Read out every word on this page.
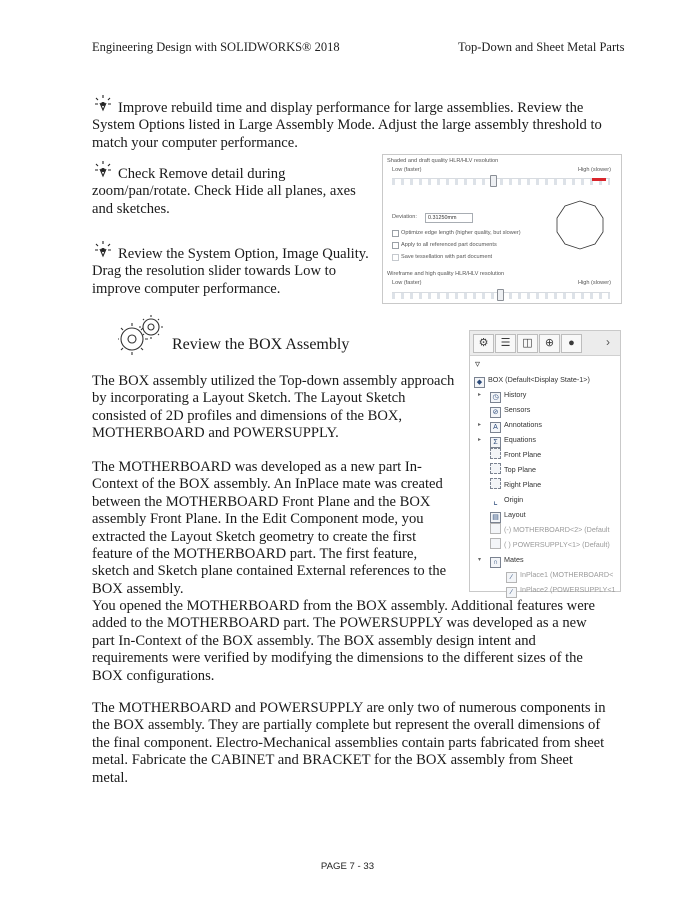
Engineering Design with SOLIDWORKS® 2018	Top-Down and Sheet Metal Parts
Improve rebuild time and display performance for large assemblies. Review the System Options listed in Large Assembly Mode. Adjust the large assembly threshold to match your computer performance.
Check Remove detail during zoom/pan/rotate. Check Hide all planes, axes and sketches.
Review the System Option, Image Quality. Drag the resolution slider towards Low to improve computer performance.
Shaded and draft quality HLR/HLV resolution
Low (faster)	High (slower)
Deviation:	0.31250mm
Optimize edge length (higher quality, but slower)
Apply to all referenced part documents
Save tessellation with part document
Wireframe and high quality HLR/HLV resolution
Low (faster)	High (slower)
Review the BOX Assembly	⚙	☰	◫	⊕	●	›
▿
◆ BOX (Default<Display State-1>)
▸ ◷ History
⊘ Sensors
▸ A Annotations
▸ Σ Equations
Front Plane
Top Plane
Right Plane
⌞ Origin
▤ Layout
(-) MOTHERBOARD<2> (Default
( ) POWERSUPPLY<1> (Default)
▾ ∩ Mates
∕ InPlace1 (MOTHERBOARD<
∕ InPlace2 (POWERSUPPLY<1
The BOX assembly utilized the Top-down assembly approach by incorporating a Layout Sketch. The Layout Sketch consisted of 2D profiles and dimensions of the BOX, MOTHERBOARD and POWERSUPPLY.
The MOTHERBOARD was developed as a new part In-Context of the BOX assembly. An InPlace mate was created between the MOTHERBOARD Front Plane and the BOX assembly Front Plane. In the Edit Component mode, you extracted the Layout Sketch geometry to create the first feature of the MOTHERBOARD part. The first feature, sketch and Sketch plane contained External references to the BOX assembly.
You opened the MOTHERBOARD from the BOX assembly. Additional features were added to the MOTHERBOARD part. The POWERSUPPLY was developed as a new part In-Context of the BOX assembly. The BOX assembly design intent and requirements were verified by modifying the dimensions to the different sizes of the BOX configurations.
The MOTHERBOARD and POWERSUPPLY are only two of numerous components in the BOX assembly. They are partially complete but represent the overall dimensions of the final component. Electro-Mechanical assemblies contain parts fabricated from sheet metal. Fabricate the CABINET and BRACKET for the BOX assembly from Sheet metal.
PAGE 7 - 33
